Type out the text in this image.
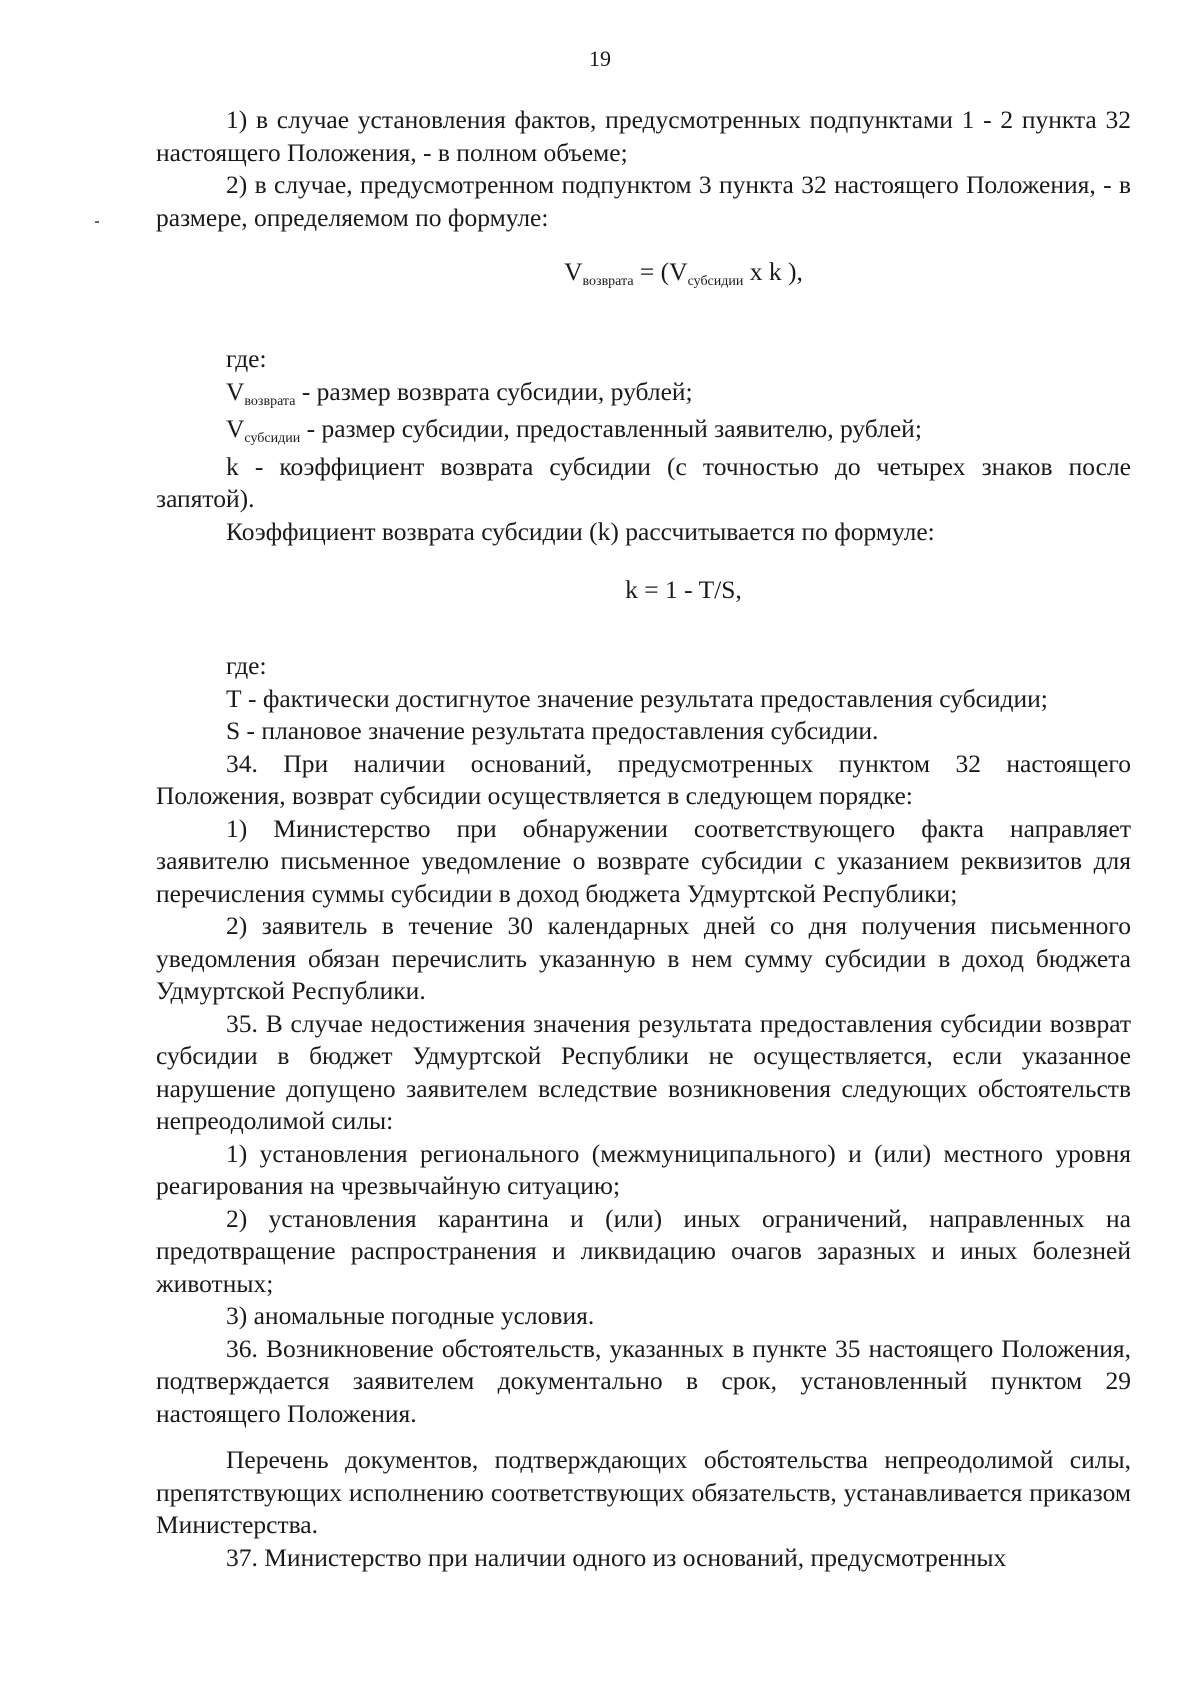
19

1) в случае установления фактов, предусмотренных подпунктами 1 - 2 пункта 32 настоящего Положения, - в полном объеме;

2) в случае, предусмотренном подпунктом 3 пункта 32 настоящего Положения, - в размере, определяемом по формуле:

Vвозврата = (Vсубсидии x k ),

где:

Vвозврата - размер возврата субсидии, рублей;

Vсубсидии - размер субсидии, предоставленный заявителю, рублей;

k - коэффициент возврата субсидии (с точностью до четырех знаков после запятой).

Коэффициент возврата субсидии (k) рассчитывается по формуле:

k = 1 - T/S,

где:

Т - фактически достигнутое значение результата предоставления субсидии;

S - плановое значение результата предоставления субсидии.

34. При наличии оснований, предусмотренных пунктом 32 настоящего Положения, возврат субсидии осуществляется в следующем порядке:

1) Министерство при обнаружении соответствующего факта направляет заявителю письменное уведомление о возврате субсидии с указанием реквизитов для перечисления суммы субсидии в доход бюджета Удмуртской Республики;

2) заявитель в течение 30 календарных дней со дня получения письменного уведомления обязан перечислить указанную в нем сумму субсидии в доход бюджета Удмуртской Республики.

35. В случае недостижения значения результата предоставления субсидии возврат субсидии в бюджет Удмуртской Республики не осуществляется, если указанное нарушение допущено заявителем вследствие возникновения следующих обстоятельств непреодолимой силы:

1) установления регионального (межмуниципального) и (или) местного уровня реагирования на чрезвычайную ситуацию;

2) установления карантина и (или) иных ограничений, направленных на предотвращение распространения и ликвидацию очагов заразных и иных болезней животных;

3) аномальные погодные условия.

36. Возникновение обстоятельств, указанных в пункте 35 настоящего Положения, подтверждается заявителем документально в срок, установленный пунктом 29 настоящего Положения.

Перечень документов, подтверждающих обстоятельства непреодолимой силы, препятствующих исполнению соответствующих обязательств, устанавливается приказом Министерства.

37. Министерство при наличии одного из оснований, предусмотренных
